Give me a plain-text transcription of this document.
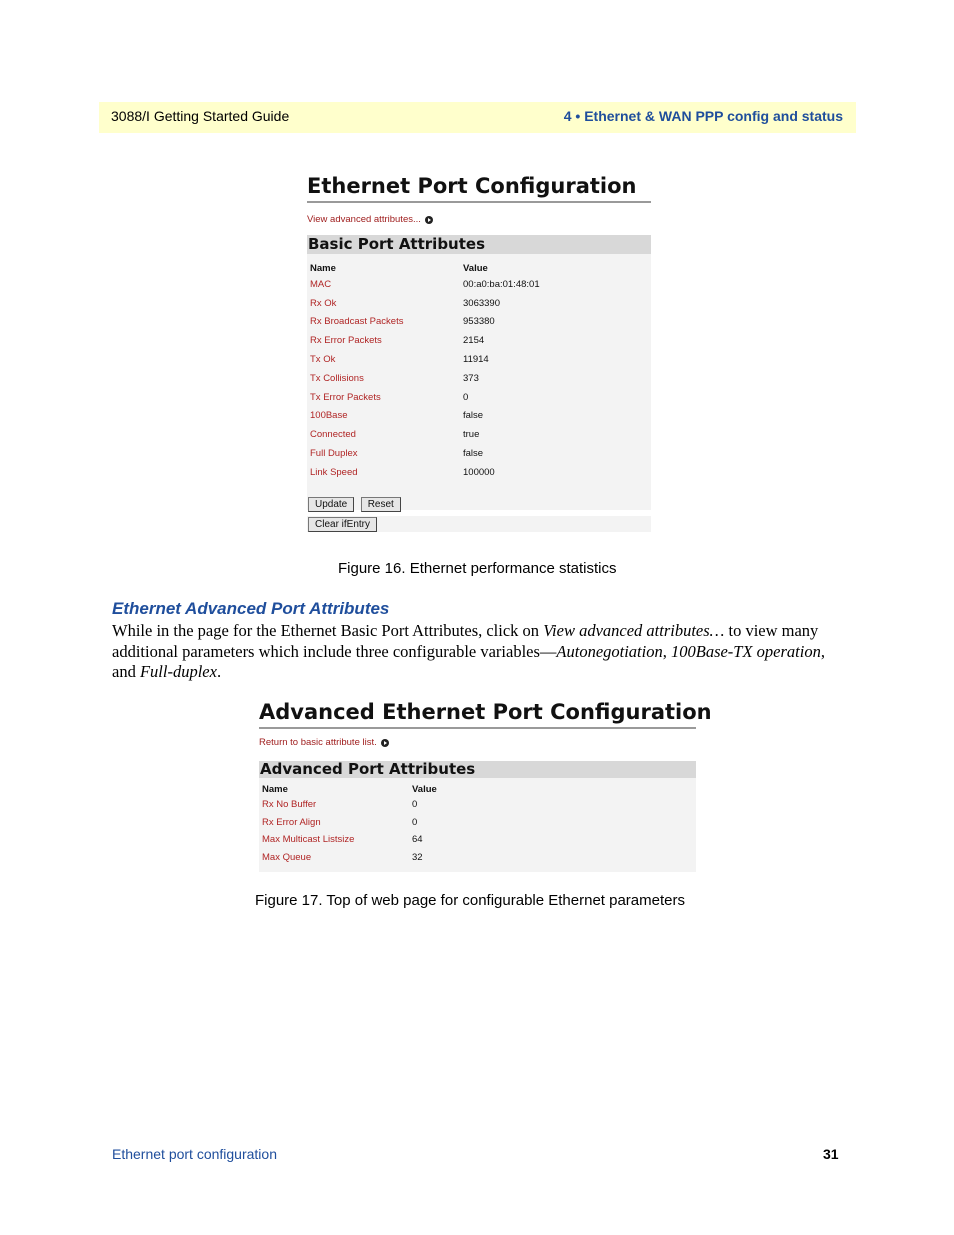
3088/I Getting Started Guide	4 • Ethernet & WAN PPP config and status
Ethernet Port Configuration
View advanced attributes...
Basic Port Attributes
Name	Value
MAC	00:a0:ba:01:48:01
Rx Ok	3063390
Rx Broadcast Packets	953380
Rx Error Packets	2154
Tx Ok	11914
Tx Collisions	373
Tx Error Packets	0
100Base	false
Connected	true
Full Duplex	false
Link Speed	100000
Update Reset
Clear ifEntry
Figure 16. Ethernet performance statistics
Ethernet Advanced Port Attributes

While in the page for the Ethernet Basic Port Attributes, click on View advanced attributes… to view many additional parameters which include three configurable variables—Autonegotiation, 100Base-TX operation, and Full-duplex.

Advanced Ethernet Port Configuration
Return to basic attribute list.
Advanced Port Attributes
Name	Value
Rx No Buffer	0
Rx Error Align	0
Max Multicast Listsize	64
Max Queue	32
Figure 17. Top of web page for configurable Ethernet parameters
Ethernet port configuration	31
